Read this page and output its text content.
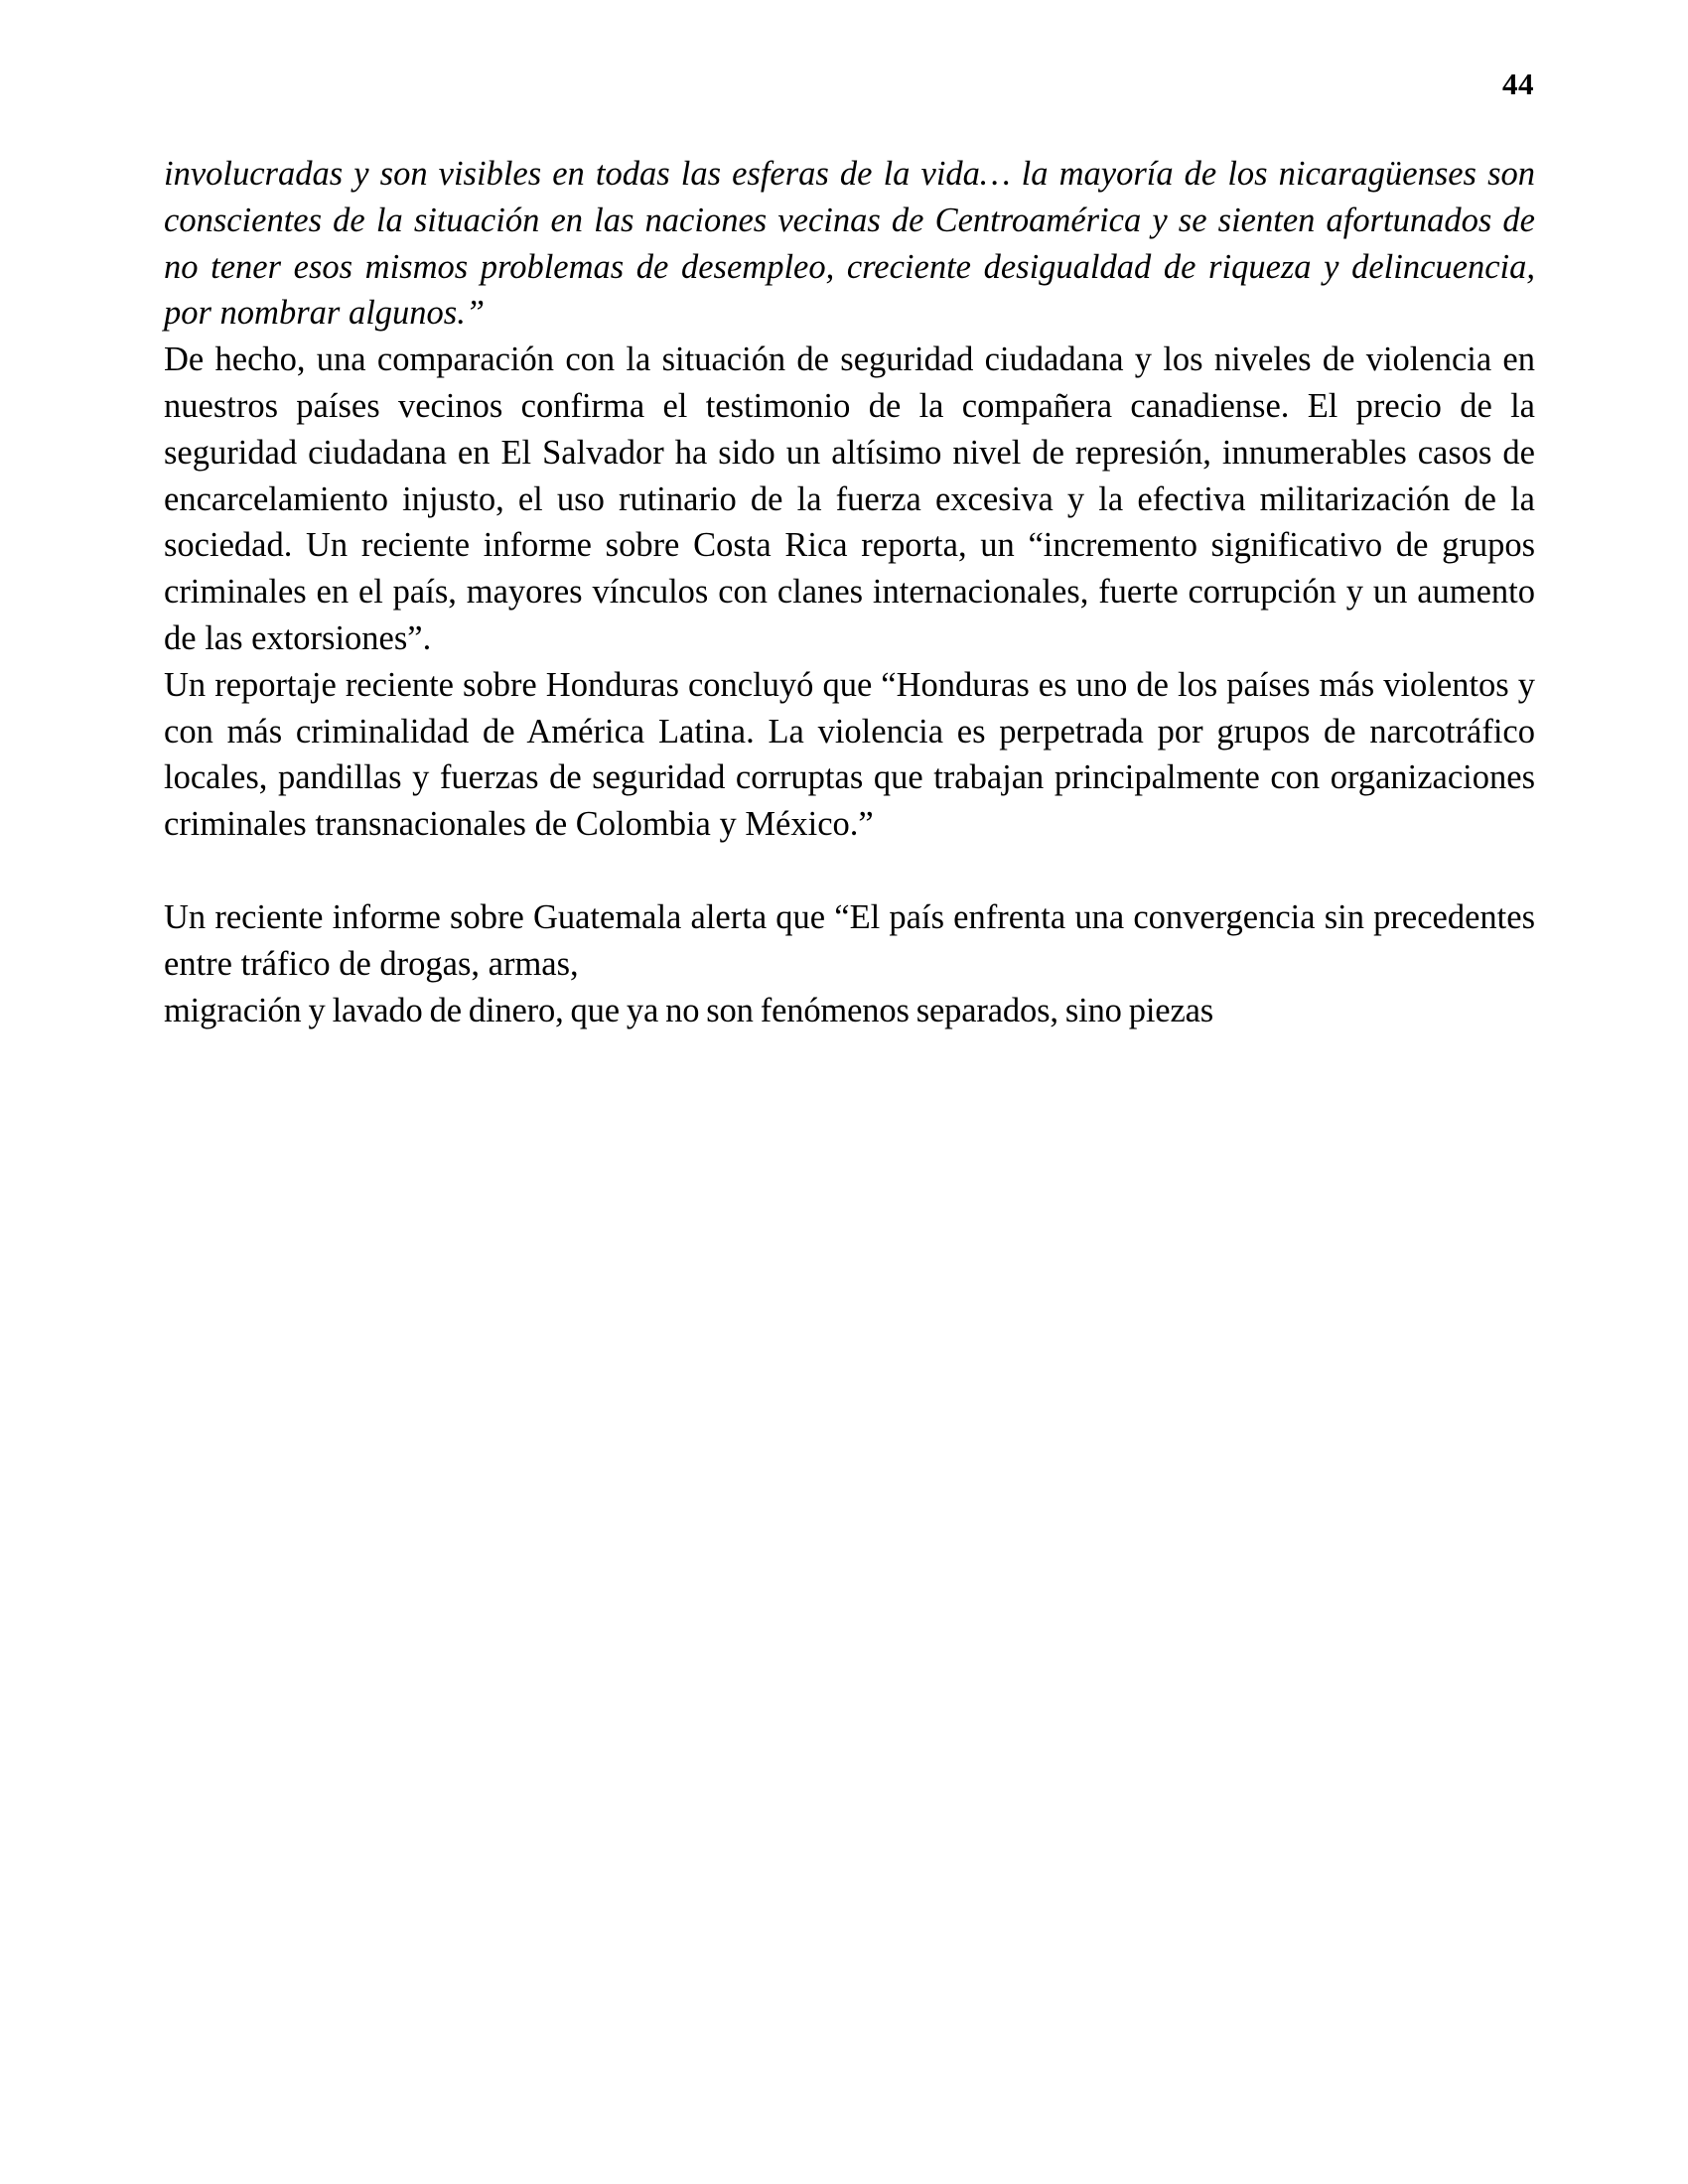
44

involucradas y son visibles en todas las esferas de la vida… la mayoría de los nicaragüenses son conscientes de la situación en las naciones vecinas de Centroamérica y se sienten afortunados de no tener esos mismos problemas de desempleo, creciente desigualdad de riqueza y delincuencia, por nombrar algunos.”

De hecho, una comparación con la situación de seguridad ciudadana y los niveles de violencia en nuestros países vecinos confirma el testimonio de la compañera canadiense. El precio de la seguridad ciudadana en El Salvador ha sido un altísimo nivel de represión, innumerables casos de encarcelamiento injusto, el uso rutinario de la fuerza excesiva y la efectiva militarización de la sociedad. Un reciente informe sobre Costa Rica reporta, un “incremento significativo de grupos criminales en el país, mayores vínculos con clanes internacionales, fuerte corrupción y un aumento de las extorsiones”.

Un reportaje reciente sobre Honduras concluyó que “Honduras es uno de los países más violentos y con más criminalidad de América Latina. La violencia es perpetrada por grupos de narcotráfico locales, pandillas y fuerzas de seguridad corruptas que trabajan principalmente con organizaciones criminales transnacionales de Colombia y México.”

Un reciente informe sobre Guatemala alerta que “El país enfrenta una convergencia sin precedentes entre tráfico de drogas, armas,
migración y lavado de dinero, que ya no son fenómenos separados, sino piezas
